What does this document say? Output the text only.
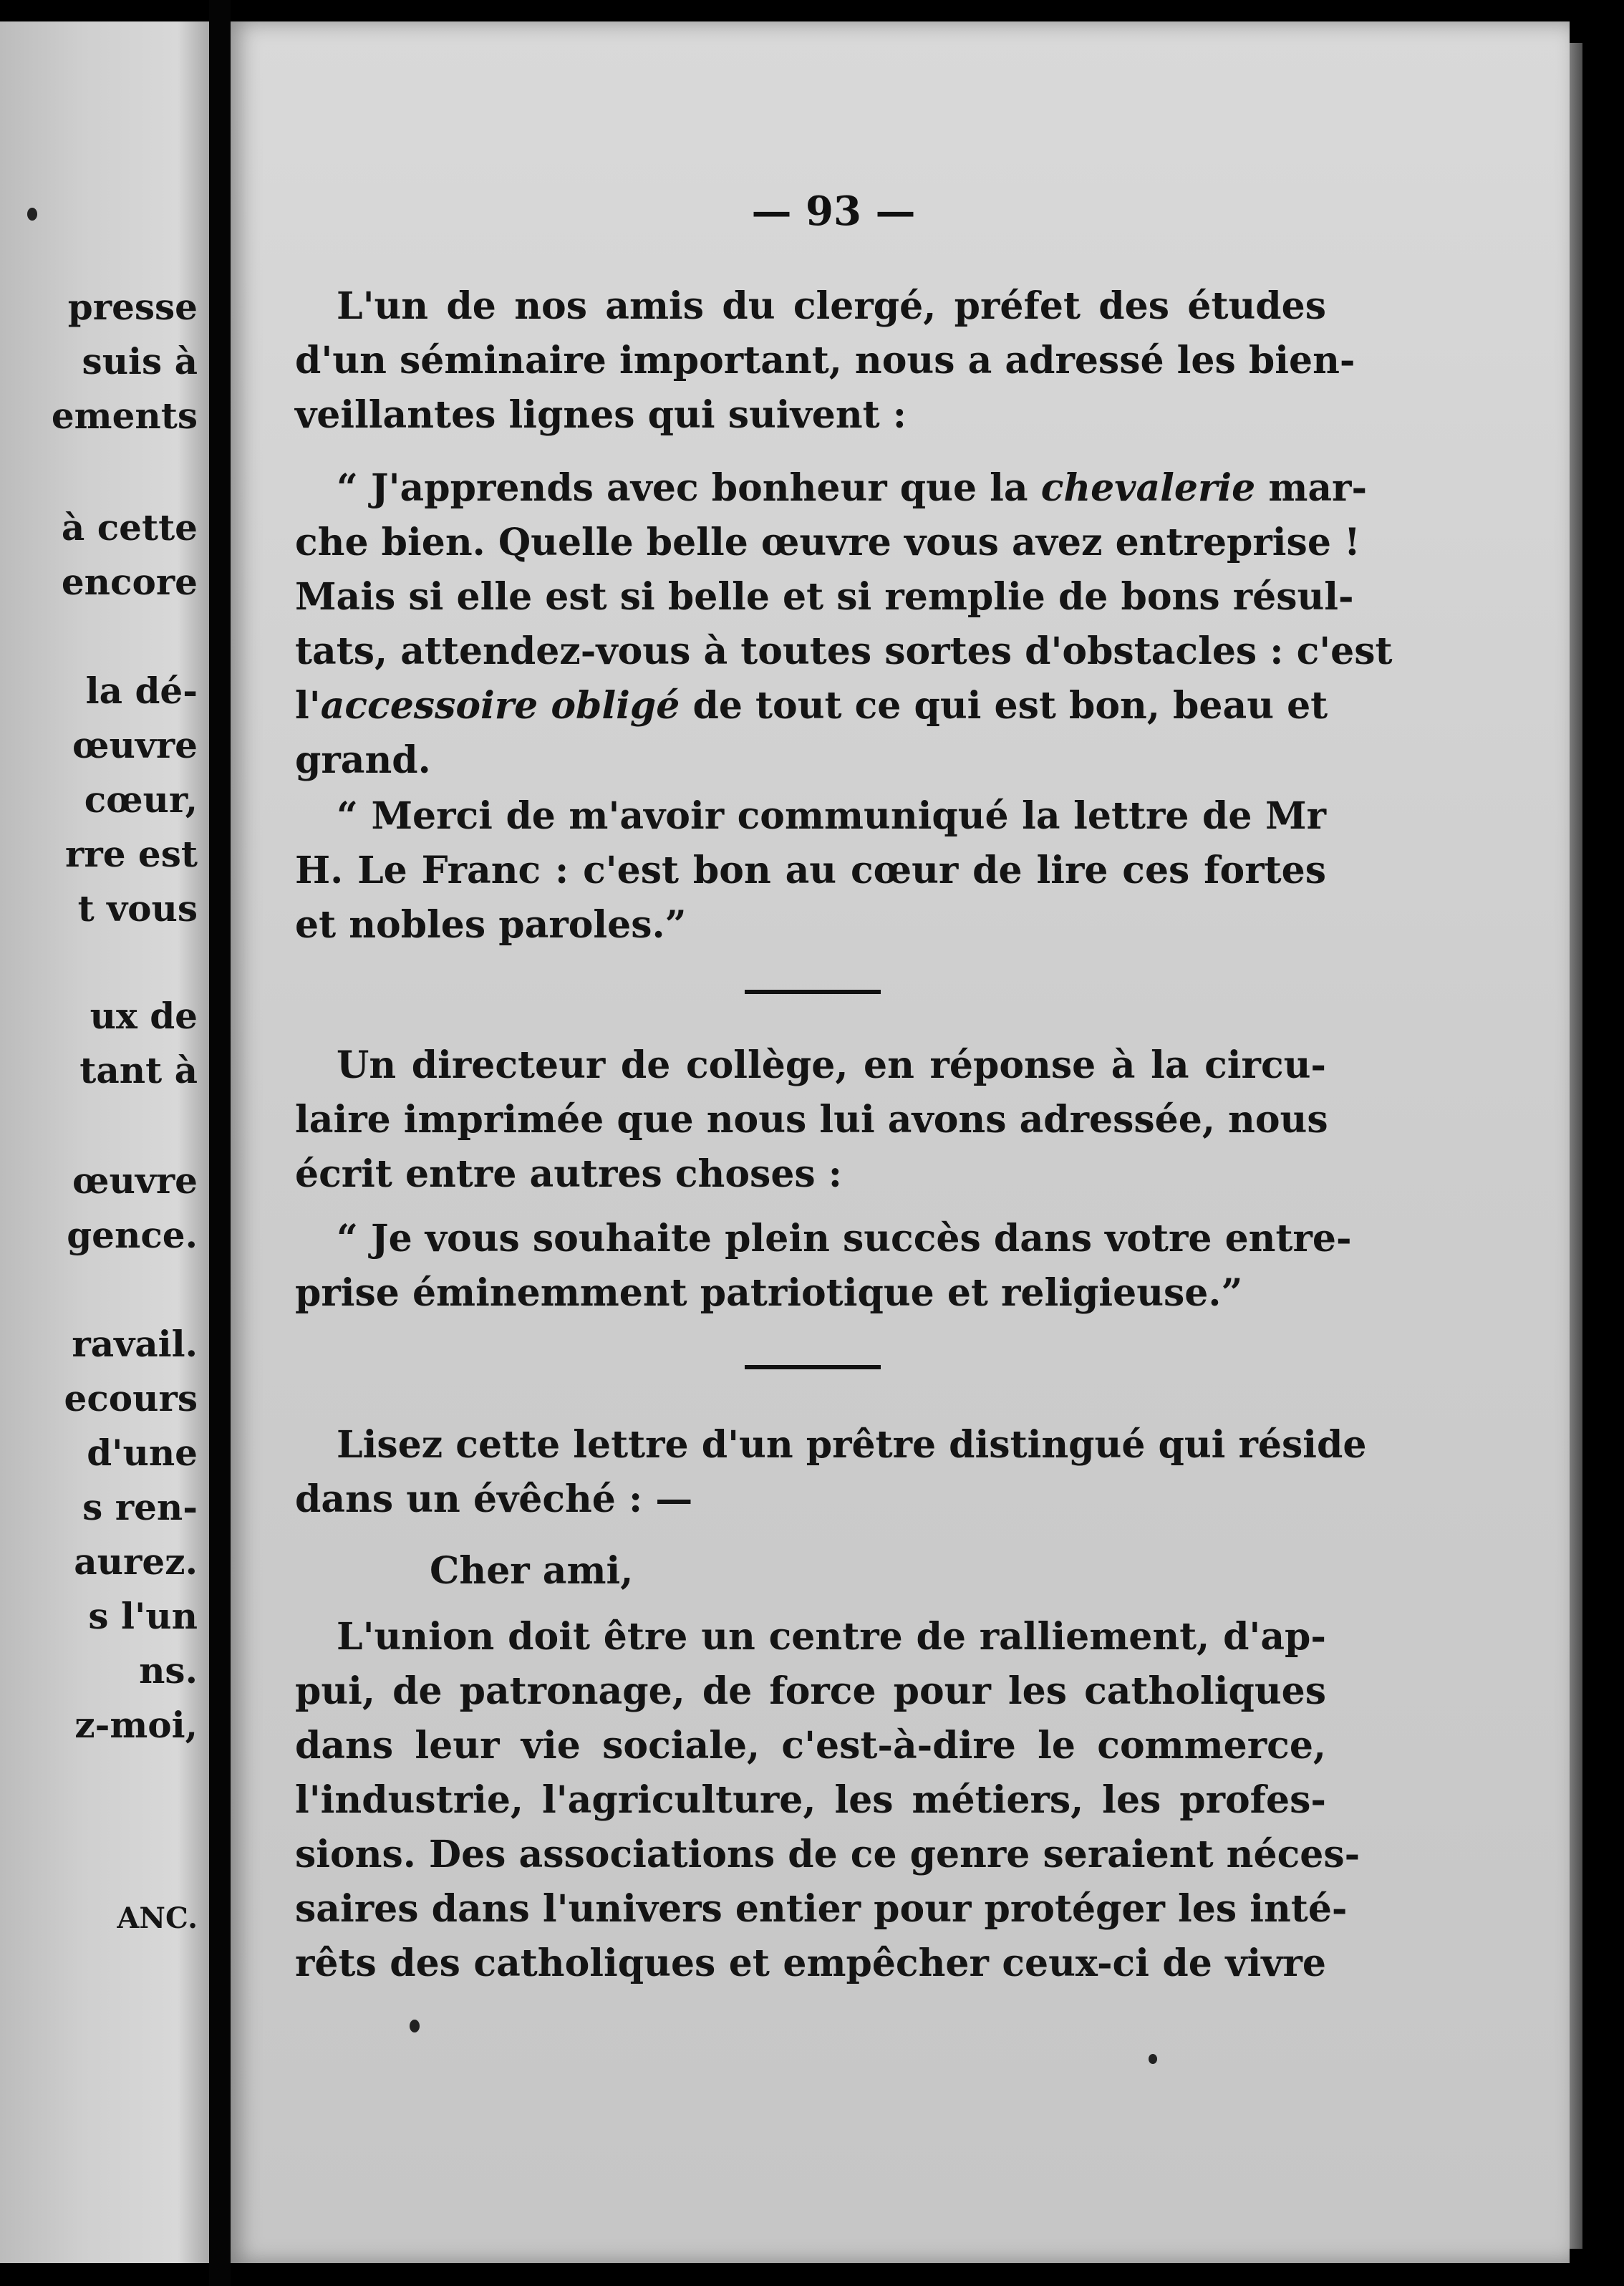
presse
suis à
ements
à cette
encore
la dé-
œuvre
cœur,
rre est
t vous
ux de
tant à
œuvre
gence.
ravail.
ecours
d'une
s ren-
aurez.
s l'un
ns.
z-moi,
ANC.
— 93 —
L'un de nos amis du clergé, préfet des études
d'un séminaire important, nous a adressé les bien-
veillantes lignes qui suivent :
“ J'apprends avec bonheur que la chevalerie mar-
che bien. Quelle belle œuvre vous avez entreprise !
Mais si elle est si belle et si remplie de bons résul-
tats, attendez-vous à toutes sortes d'obstacles : c'est
l'accessoire obligé de tout ce qui est bon, beau et
grand.
“ Merci de m'avoir communiqué la lettre de Mr
H. Le Franc : c'est bon au cœur de lire ces fortes
et nobles paroles.”
Un directeur de collège, en réponse à la circu-
laire imprimée que nous lui avons adressée, nous
écrit entre autres choses :
“ Je vous souhaite plein succès dans votre entre-
prise éminemment patriotique et religieuse.”
Lisez cette lettre d'un prêtre distingué qui réside
dans un évêché : —
Cher ami,
L'union doit être un centre de ralliement, d'ap-
pui, de patronage, de force pour les catholiques
dans leur vie sociale, c'est-à-dire le commerce,
l'industrie, l'agriculture, les métiers, les profes-
sions. Des associations de ce genre seraient néces-
saires dans l'univers entier pour protéger les inté-
rêts des catholiques et empêcher ceux-ci de vivre
